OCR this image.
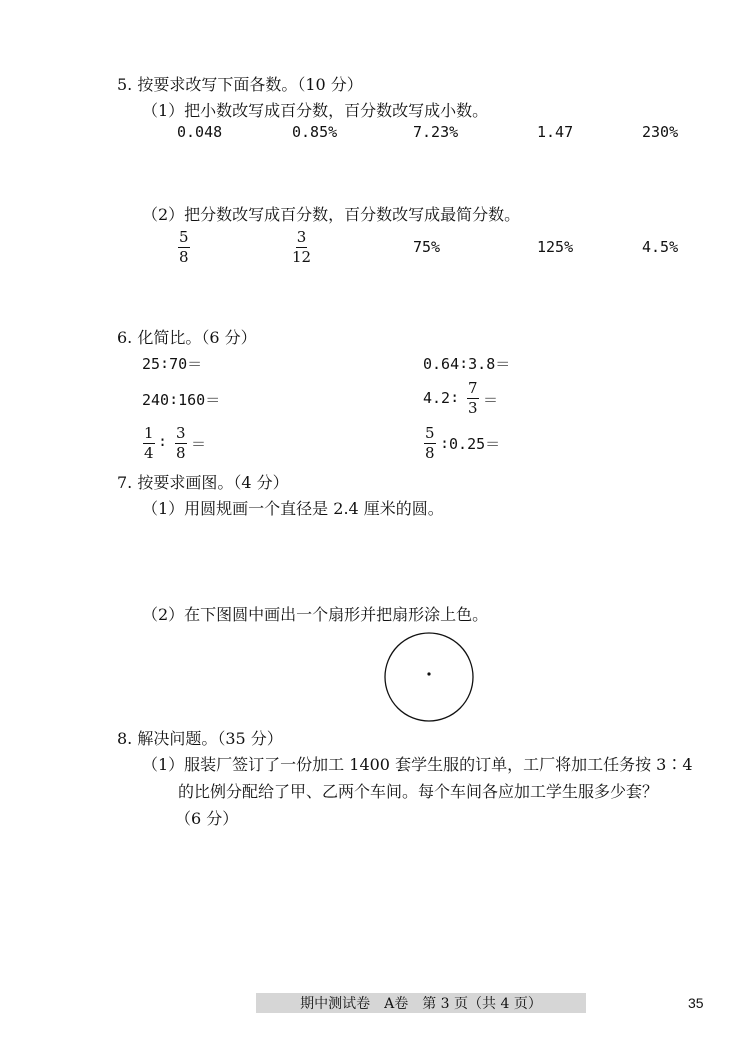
5. 按要求改写下面各数。（10 分）
（1）把小数改写成百分数，百分数改写成小数。
0.048	0.85%	7.23%	1.47	230%
（2）把分数改写成百分数，百分数改写成最简分数。
$\frac{5}{8}$	$\frac{3}{12}$	75%	125%	4.5%
6. 化简比。（6 分）
25∶70＝	0.64∶3.8＝
240∶160＝	4.2∶ $\frac{7}{3}$ ＝
$\frac{1}{4}$ ∶ $\frac{3}{8}$ ＝	$\frac{5}{8}$ ∶0.25＝
7. 按要求画图。（4 分）
（1）用圆规画一个直径是 2.4 厘米的圆。
（2）在下图圆中画出一个扇形并把扇形涂上色。
8. 解决问题。（35 分）
（1）服装厂签订了一份加工 1400 套学生服的订单，工厂将加工任务按 3∶4
的比例分配给了甲、乙两个车间。每个车间各应加工学生服多少套？
（6 分）
期中测试卷　A卷　第 3 页（共 4 页）	35
